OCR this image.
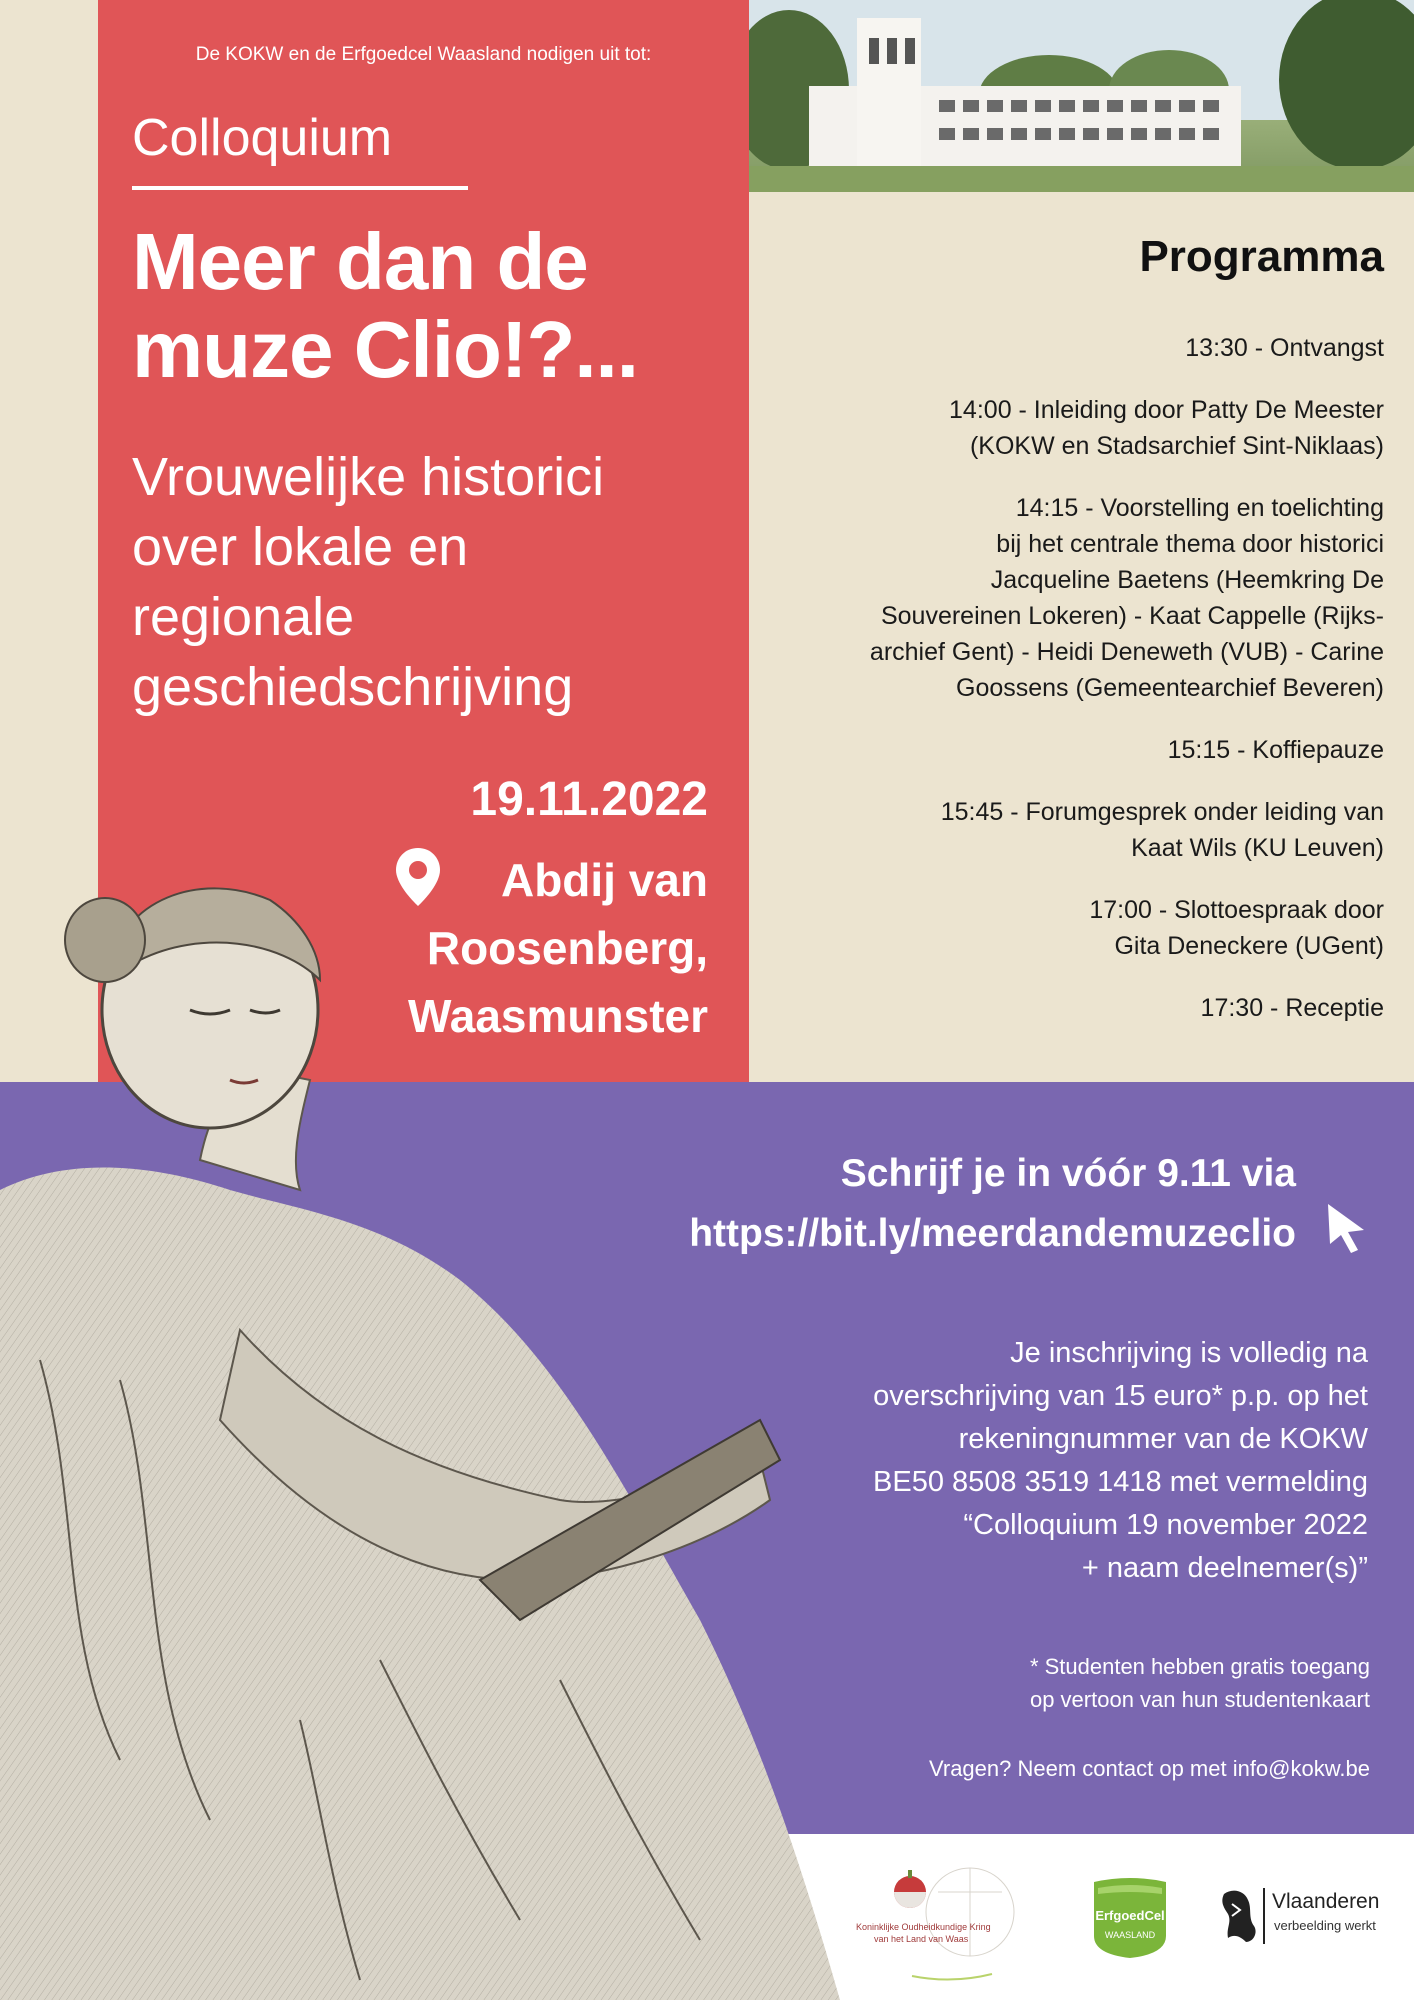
De KOKW en de Erfgoedcel Waasland nodigen uit tot:
Colloquium
Meer dan de
muze Clio!?...
Vrouwelijke historici
over lokale en
regionale
geschiedschrijving
19.11.2022
Abdij van
Roosenberg,
Waasmunster
Programma
13:30 - Ontvangst
14:00 - Inleiding door Patty De Meester
(KOKW en Stadsarchief Sint-Niklaas)
14:15 - Voorstelling en toelichting
bij het centrale thema door historici
Jacqueline Baetens (Heemkring De
Souvereinen Lokeren) - Kaat Cappelle (Rijks-
archief Gent) - Heidi Deneweth (VUB) - Carine
Goossens (Gemeentearchief Beveren)
15:15 - Koffiepauze
15:45 - Forumgesprek onder leiding van
Kaat Wils (KU Leuven)
17:00 - Slottoespraak door
Gita Deneckere (UGent)
17:30 - Receptie
Schrijf je in vóór 9.11 via
https://bit.ly/meerdandemuzeclio
Je inschrijving is volledig na
overschrijving van 15 euro* p.p. op het
rekeningnummer van de KOKW
BE50 8508 3519 1418 met vermelding
“Colloquium 19 november 2022
+ naam deelnemer(s)”
* Studenten hebben gratis toegang
op vertoon van hun studentenkaart
Vragen? Neem contact op met info@kokw.be
Koninklijke Oudheidkundige Kring
van het Land van Waas
ErfgoedCel
WAASLAND
Vlaanderen
verbeelding werkt
